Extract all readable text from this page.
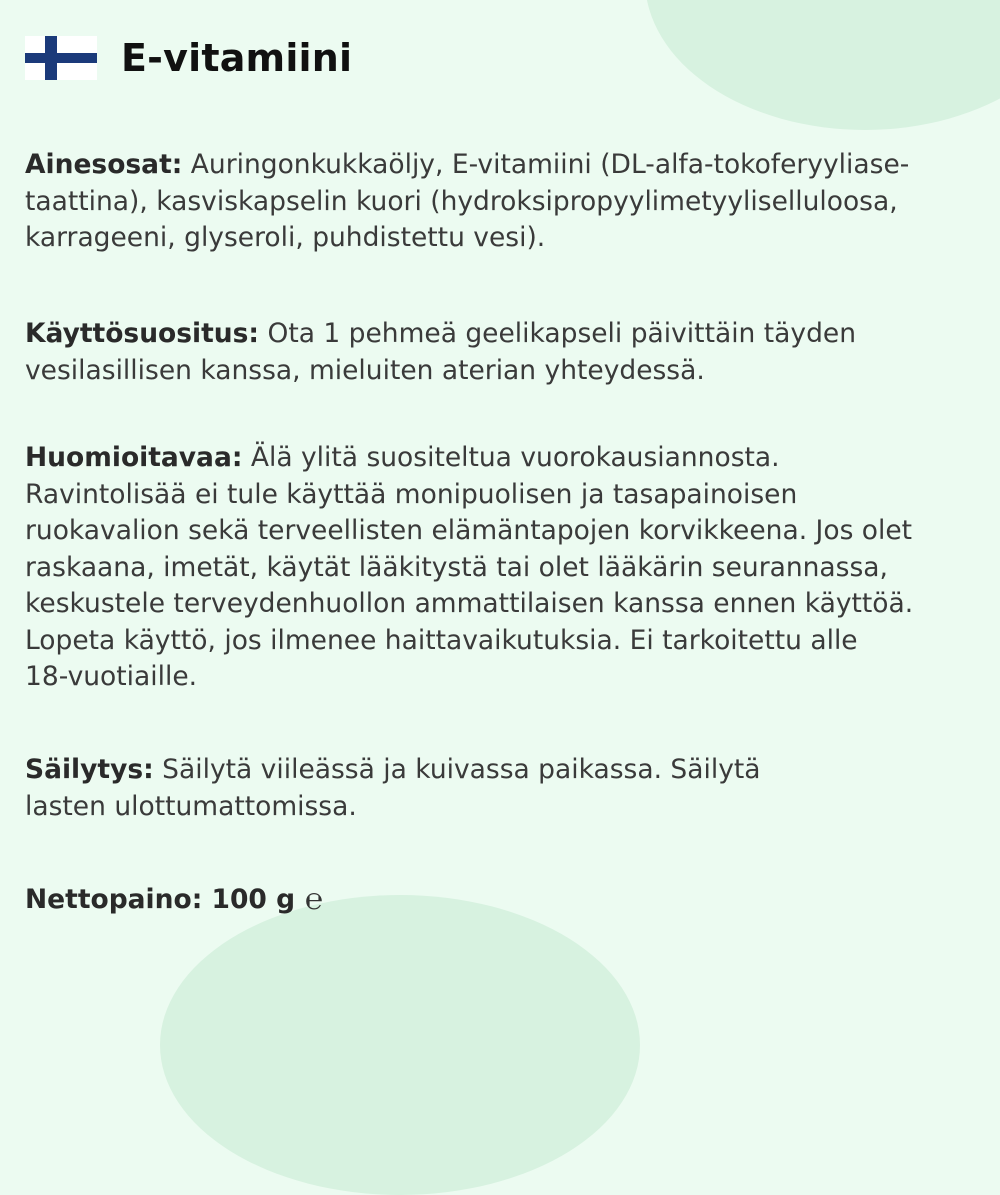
E-vitamiini
Ainesosat: Auringonkukkaöljy, E-vitamiini (DL-alfa-tokoferyyliase-
taattina), kasviskapselin kuori (hydroksipropyylimetyyliselluloosa,
karrageeni, glyseroli, puhdistettu vesi).
Käyttösuositus: Ota 1 pehmeä geelikapseli päivittäin täyden
vesilasillisen kanssa, mieluiten aterian yhteydessä.
Huomioitavaa: Älä ylitä suositeltua vuorokausiannosta.
Ravintolisää ei tule käyttää monipuolisen ja tasapainoisen
ruokavalion sekä terveellisten elämäntapojen korvikkeena. Jos olet
raskaana, imetät, käytät lääkitystä tai olet lääkärin seurannassa,
keskustele terveydenhuollon ammattilaisen kanssa ennen käyttöä.
Lopeta käyttö, jos ilmenee haittavaikutuksia. Ei tarkoitettu alle
18-vuotiaille.
Säilytys: Säilytä viileässä ja kuivassa paikassa. Säilytä
lasten ulottumattomissa.
Nettopaino: 100 g ℮
